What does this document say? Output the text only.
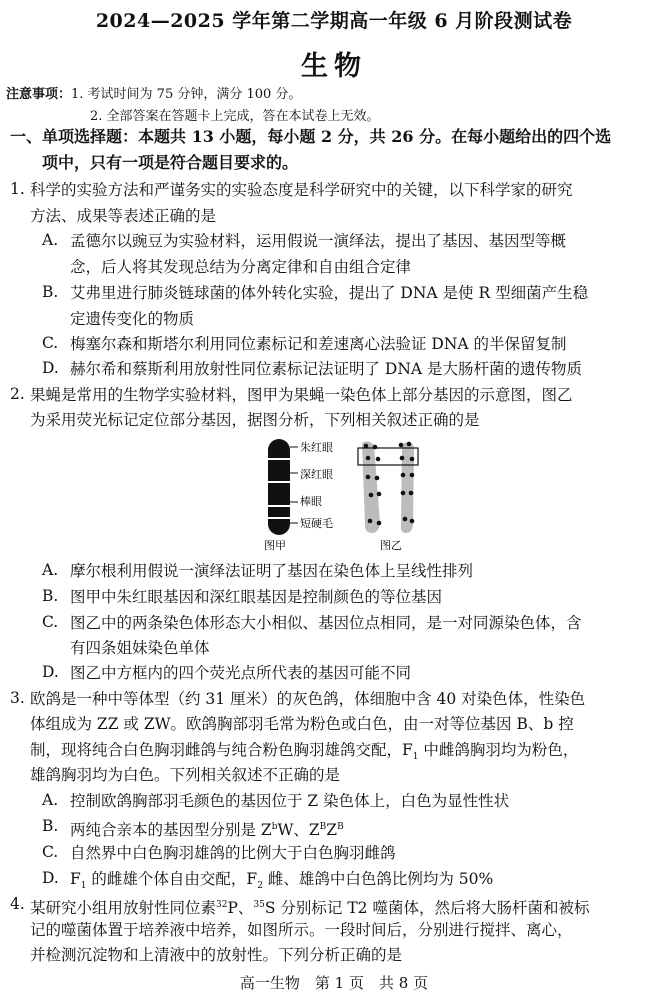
2024—2025 学年第二学期高一年级 6 月阶段测试卷
生物
注意事项：1. 考试时间为 75 分钟，满分 100 分。
2. 全部答案在答题卡上完成，答在本试卷上无效。
一、单项选择题：本题共 13 小题，每小题 2 分，共 26 分。在每小题给出的四个选
项中，只有一项是符合题目要求的。
1. 科学的实验方法和严谨务实的实验态度是科学研究中的关键，以下科学家的研究
方法、成果等表述正确的是
A. 孟德尔以豌豆为实验材料，运用假说一演绎法，提出了基因、基因型等概
念，后人将其发现总结为分离定律和自由组合定律
B. 艾弗里进行肺炎链球菌的体外转化实验，提出了 DNA 是使 R 型细菌产生稳
定遗传变化的物质
C. 梅塞尔森和斯塔尔利用同位素标记和差速离心法验证 DNA 的半保留复制
D. 赫尔希和蔡斯利用放射性同位素标记法证明了 DNA 是大肠杆菌的遗传物质
2. 果蝇是常用的生物学实验材料，图甲为果蝇一染色体上部分基因的示意图，图乙
为采用荧光标记定位部分基因，据图分析，下列相关叙述正确的是
朱红眼
深红眼
棒眼
短硬毛
图甲	图乙
A. 摩尔根利用假说一演绎法证明了基因在染色体上呈线性排列
B. 图甲中朱红眼基因和深红眼基因是控制颜色的等位基因
C. 图乙中的两条染色体形态大小相似、基因位点相同，是一对同源染色体，含
有四条姐妹染色单体
D. 图乙中方框内的四个荧光点所代表的基因可能不同
3. 欧鸽是一种中等体型（约 31 厘米）的灰色鸽，体细胞中含 40 对染色体，性染色
体组成为 ZZ 或 ZW。欧鸽胸部羽毛常为粉色或白色，由一对等位基因 B、b 控
制，现将纯合白色胸羽雌鸽与纯合粉色胸羽雄鸽交配，$F_1$ 中雌鸽胸羽均为粉色，
雄鸽胸羽均为白色。下列相关叙述不正确的是
A. 控制欧鸽胸部羽毛颜色的基因位于 Z 染色体上，白色为显性性状
B. 两纯合亲本的基因型分别是 $Z^bW$、$Z^BZ^B$
C. 自然界中白色胸羽雄鸽的比例大于白色胸羽雌鸽
D. $F_1$ 的雌雄个体自由交配，$F_2$ 雌、雄鸽中白色鸽比例均为 50%
4. 某研究小组用放射性同位素$^{32}$P、$^{35}$S 分别标记 T2 噬菌体，然后将大肠杆菌和被标
记的噬菌体置于培养液中培养，如图所示。一段时间后，分别进行搅拌、离心，
并检测沉淀物和上清液中的放射性。下列分析正确的是
高一生物　第 1 页　共 8 页
